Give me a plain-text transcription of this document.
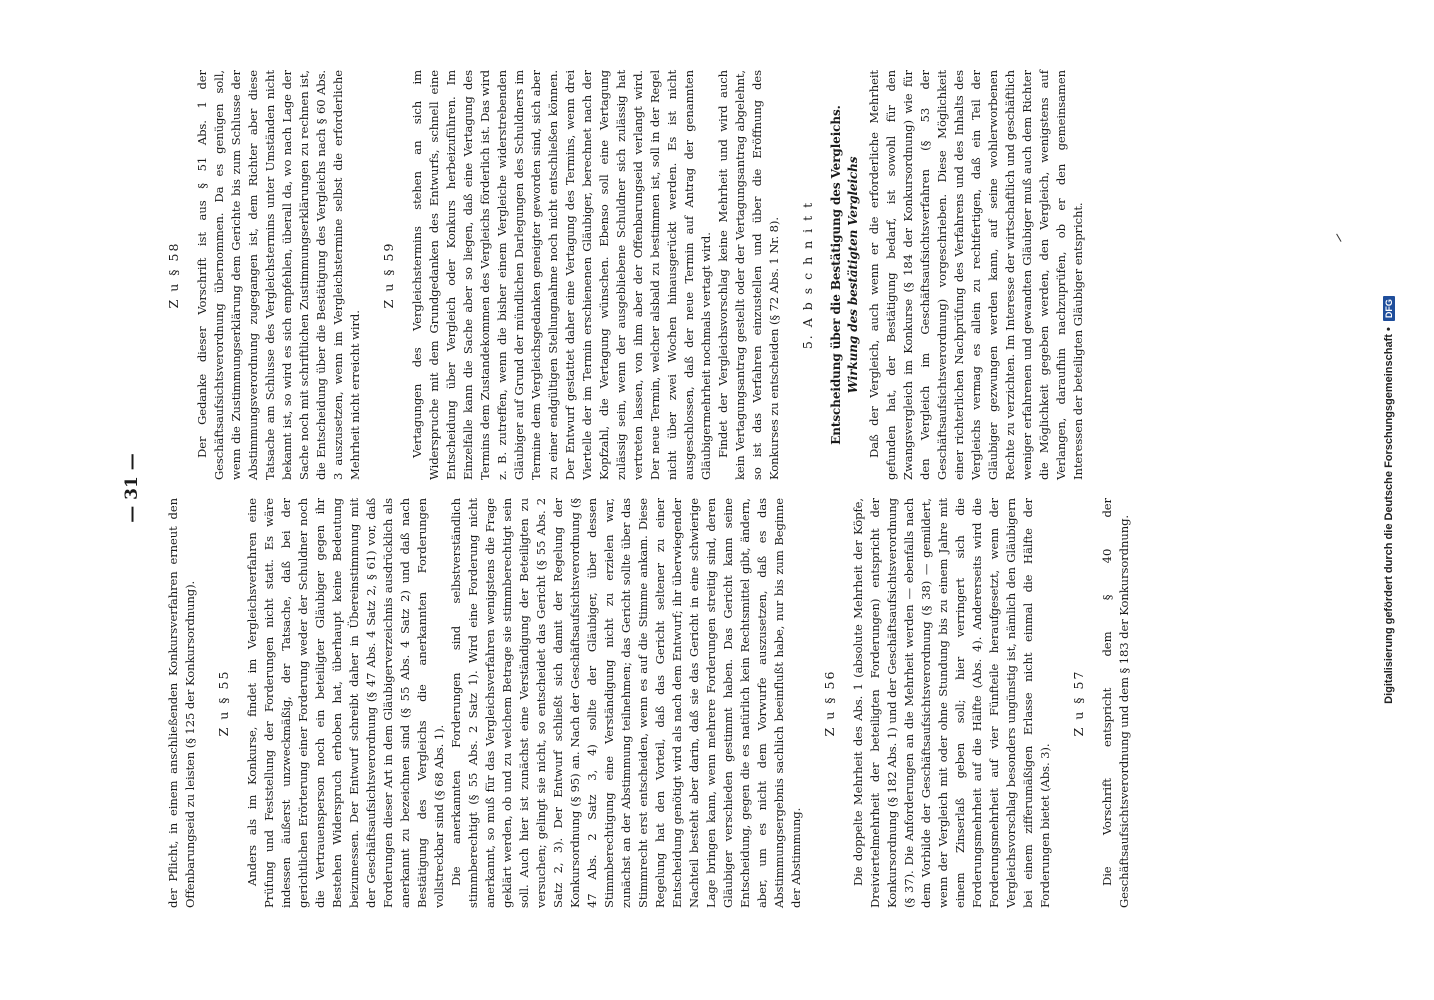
— 31 —

der Pflicht, in einem anschließenden Konkursverfahren erneut den Offenbarungseid zu leisten (§ 125 der Konkursordnung). Z u § 55 Anders als im Konkurse, findet im Vergleichsverfahren eine Prüfung und Feststellung der Forderungen nicht statt. Es wäre indessen äußerst unzweckmäßig, der Tatsache, daß bei der gerichtlichen Erörterung einer Forderung weder der Schuldner noch die Vertrauensperson noch ein beteiligter Gläubiger gegen ihr Bestehen Widerspruch erhoben hat, überhaupt keine Bedeutung beizumessen. Der Entwurf schreibt daher in Übereinstimmung mit der Geschäftsaufsichtsverordnung (§ 47 Abs. 4 Satz 2, § 61) vor, daß Forderungen dieser Art in dem Gläubigerverzeichnis ausdrücklich als anerkannt zu bezeichnen sind (§ 55 Abs. 4 Satz 2) und daß nach Bestätigung des Vergleichs die anerkannten Forderungen vollstreckbar sind (§ 68 Abs. 1). Die anerkannten Forderungen sind selbstverständlich stimmberechtigt (§ 55 Abs. 2 Satz 1). Wird eine Forderung nicht anerkannt, so muß für das Vergleichsverfahren wenigstens die Frage geklärt werden, ob und zu welchem Betrage sie stimmberechtigt sein soll. Auch hier ist zunächst eine Verständigung der Beteiligten zu versuchen; gelingt sie nicht, so entscheidet das Gericht (§ 55 Abs. 2 Satz 2, 3). Der Entwurf schließt sich damit der Regelung der Konkursordnung (§ 95) an. Nach der Geschäftsaufsichtsverordnung (§ 47 Abs. 2 Satz 3, 4) sollte der Gläubiger, über dessen Stimmberechtigung eine Verständigung nicht zu erzielen war, zunächst an der Abstimmung teilnehmen; das Gericht sollte über das Stimmrecht erst entscheiden, wenn es auf die Stimme ankam. Diese Regelung hat den Vorteil, daß das Gericht seltener zu einer Entscheidung genötigt wird als nach dem Entwurf; ihr überwiegender Nachteil besteht aber darin, daß sie das Gericht in eine schwierige Lage bringen kann, wenn mehrere Forderungen streitig sind, deren Gläubiger verschieden gestimmt haben. Das Gericht kann seine Entscheidung, gegen die es natürlich kein Rechtsmittel gibt, ändern, aber, um es nicht dem Vorwurfe auszusetzen, daß es das Abstimmungsergebnis sachlich beeinflußt habe, nur bis zum Beginne der Abstimmung.

Z u § 56 Die doppelte Mehrheit des Abs. 1 (absolute Mehrheit der Köpfe, Dreiviertelmehrheit der beteiligten Forderungen) entspricht der Konkursordnung (§ 182 Abs. 1) und der Geschäftsaufsichtsverordnung (§ 37). Die Anforderungen an die Mehrheit werden — ebenfalls nach dem Vorbilde der Geschäftsaufsichtsverordnung (§ 38) — gemildert, wenn der Vergleich mit oder ohne Stundung bis zu einem Jahre mit einem Zinserlaß geben soll; hier verringert sich die Forderungsmehrheit auf die Hälfte (Abs. 4). Andererseits wird die Forderungsmehrheit auf vier Fünfteile heraufgesetzt, wenn der Vergleichsvorschlag besonders ungünstig ist, nämlich den Gläubigern bei einem zifferumäßigen Erlasse nicht einmal die Hälfte der Forderungen bietet (Abs. 3).

Z u § 57 Die Vorschrift entspricht dem § 40 der Geschäftsaufsichtsverordnung und dem § 183 der Konkursordnung.

Z u § 58 Der Gedanke dieser Vorschrift ist aus § 51 Abs. 1 der Geschäftsaufsichtsverordnung übernommen. Da es genügen soll, wenn die Zustimmungserklärung dem Gerichte bis zum Schlusse der Abstimmungsverordnung zugegangen ist, dem Richter aber diese Tatsache am Schlusse des Vergleichstermins unter Umständen nicht bekannt ist, so wird es sich empfehlen, überall da, wo nach Lage der Sache noch mit schriftlichen Zustimmungserklärungen zu rechnen ist, die Entscheidung über die Bestätigung des Vergleichs nach § 60 Abs. 3 auszusetzen, wenn im Vergleichstermine selbst die erforderliche Mehrheit nicht erreicht wird.

Z u § 59 Vertagungen des Vergleichstermins stehen an sich im Widerspruche mit dem Grundgedanken des Entwurfs, schnell eine Entscheidung über Vergleich oder Konkurs herbeizuführen. Im Einzelfalle kann die Sache aber so liegen, daß eine Vertagung des Termins dem Zustandekommen des Vergleichs förderlich ist. Das wird z. B. zutreffen, wenn die bisher einem Vergleiche widerstrebenden Gläubiger auf Grund der mündlichen Darlegungen des Schuldners im Termine dem Vergleichsgedanken geneigter geworden sind, sich aber zu einer endgültigen Stellungnahme noch nicht entschließen können. Der Entwurf gestattet daher eine Vertagung des Termins, wenn drei Viertelle der im Termin erschienenen Gläubiger, berechnet nach der Kopfzahl, die Vertagung wünschen. Ebenso soll eine Vertagung zulässig sein, wenn der ausgebliebene Schuldner sich zulässig hat vertreten lassen, von ihm aber der Offenbarungseid verlangt wird. Der neue Termin, welcher alsbald zu bestimmen ist, soll in der Regel nicht über zwei Wochen hinausgerückt werden. Es ist nicht ausgeschlossen, daß der neue Termin auf Antrag der genannten Gläubigermehrheit nochmals vertagt wird. Findet der Vergleichsvorschlag keine Mehrheit und wird auch kein Vertagungsantrag gestellt oder der Vertagungsantrag abgelehnt, so ist das Verfahren einzustellen und über die Eröffnung des Konkurses zu entscheiden (§ 72 Abs. 1 Nr. 8). 5. A b s c h n i t t Entscheidung über die Bestätigung des Vergleichs. Wirkung des bestätigten Vergleichs Daß der Vergleich, auch wenn er die erforderliche Mehrheit gefunden hat, der Bestätigung bedarf, ist sowohl für den Zwangsvergleich im Konkurse (§ 184 der Konkursordnung) wie für den Vergleich im Geschäftsaufsichtsverfahren (§ 53 der Geschäftsaufsichtsverordnung) vorgeschrieben. Diese Möglichkeit einer richterlichen Nachprüfung des Verfahrens und des Inhalts des Vergleichs vermag es allein zu rechtfertigen, daß ein Teil der Gläubiger gezwungen werden kann, auf seine wohlerworbenen Rechte zu verzichten. Im Interesse der wirtschaftlich und geschäftlich weniger erfahrenen und gewandten Gläubiger muß auch dem Richter die Möglichkeit gegeben werden, den Vergleich, wenigstens auf Verlangen, daraufhin nachzuprüfen, ob er den gemeinsamen Interessen der beteiligten Gläubiger entspricht.	Digitalisierung gefördert durch die Deutsche Forschungsgemeinschaft •
DFG
